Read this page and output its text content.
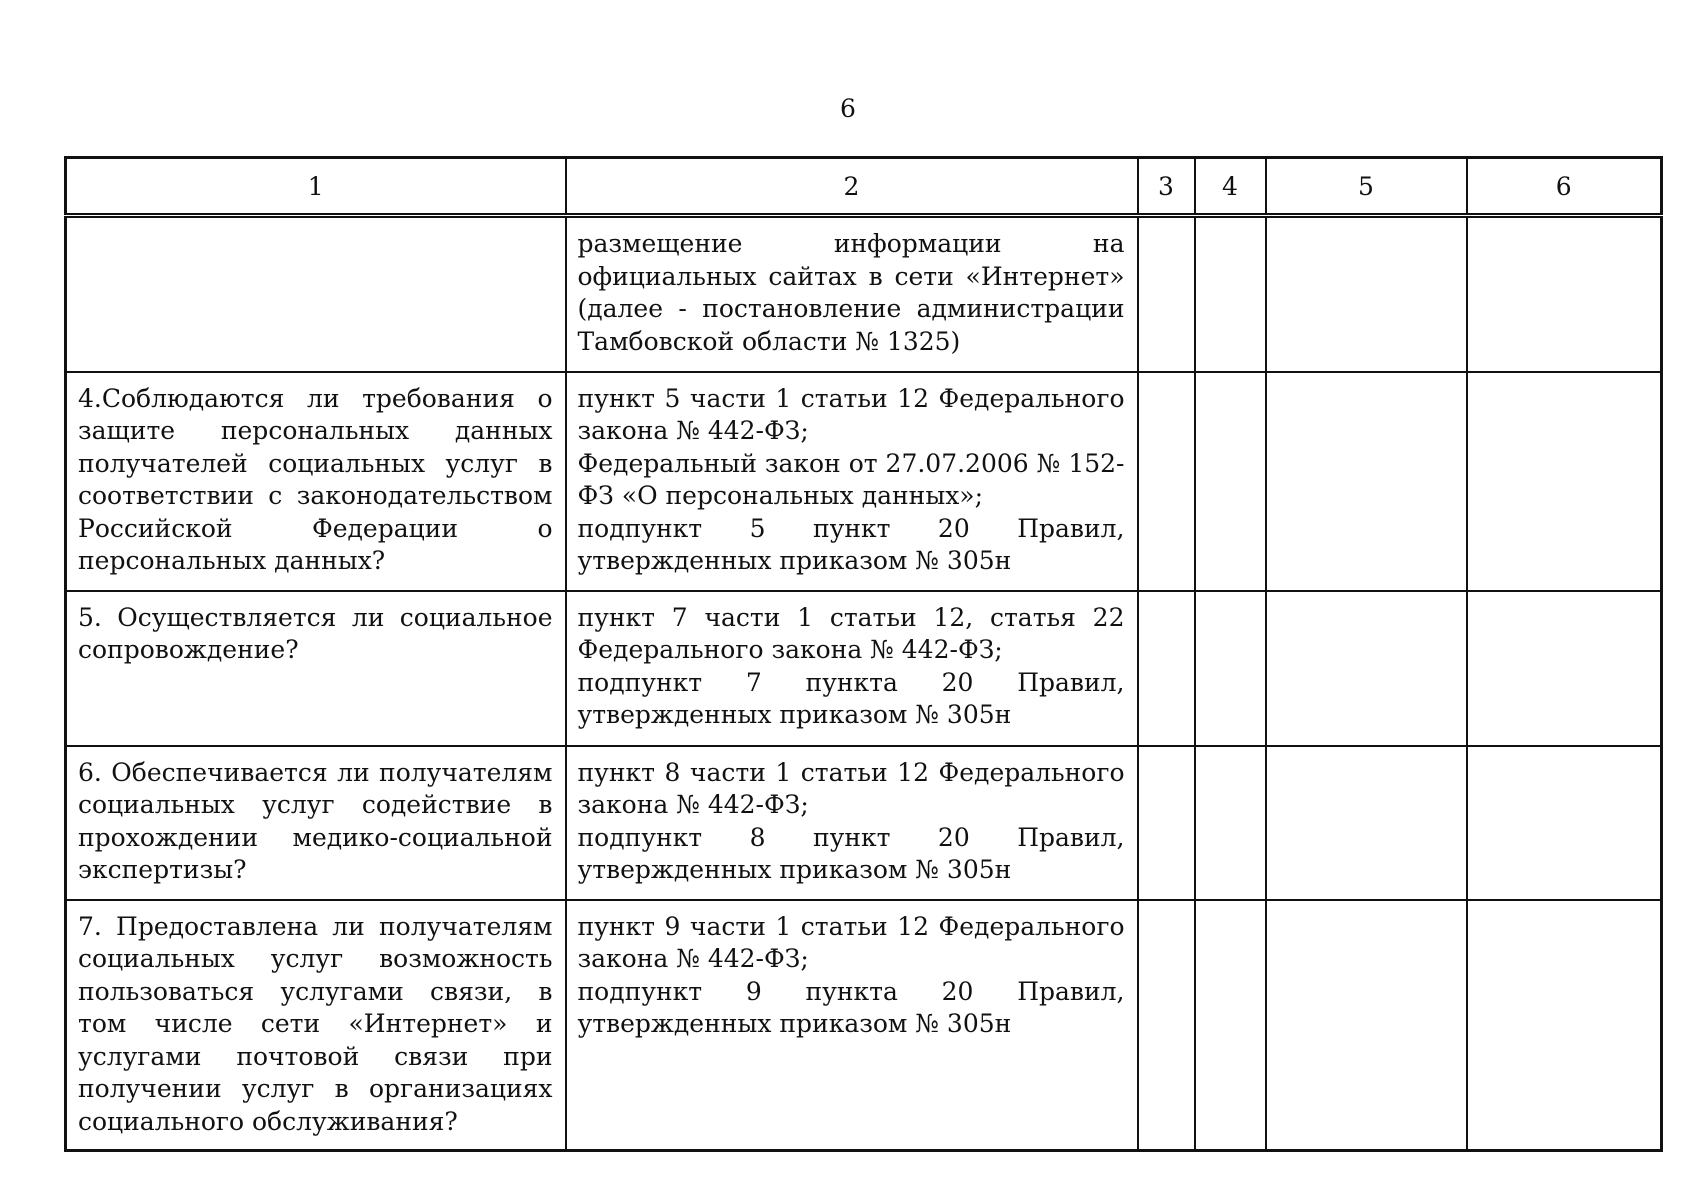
6
1	2	3	4	5	6

	размещение информации на официальных сайтах в сети «Интернет» (далее - постановление администрации Тамбовской области № 1325)				

4.Соблюдаются ли требования о защите персональных данных получателей социальных услуг в соответствии с законодательством Российской Федерации о персональных данных?	пункт 5 части 1 статьи 12 Федерального закона № 442-ФЗ;
Федеральный закон от 27.07.2006 № 152-ФЗ «О персональных данных»;
подпункт 5 пункт 20 Правил, утвержденных приказом № 305н				

5. Осуществляется ли социальное сопровождение?	пункт 7 части 1 статьи 12, статья 22 Федерального закона № 442-ФЗ;
подпункт 7 пункта 20 Правил, утвержденных приказом № 305н				

6. Обеспечивается ли получателям социальных услуг содействие в прохождении медико-социальной экспертизы?	пункт 8 части 1 статьи 12 Федерального закона № 442-ФЗ;
подпункт 8 пункт 20 Правил, утвержденных приказом № 305н				

7. Предоставлена ли получателям социальных услуг возможность пользоваться услугами связи, в том числе сети «Интернет» и услугами почтовой связи при получении услуг в организациях социального обслуживания?	пункт 9 части 1 статьи 12 Федерального закона № 442-ФЗ;
подпункт 9 пункта 20 Правил, утвержденных приказом № 305н				
